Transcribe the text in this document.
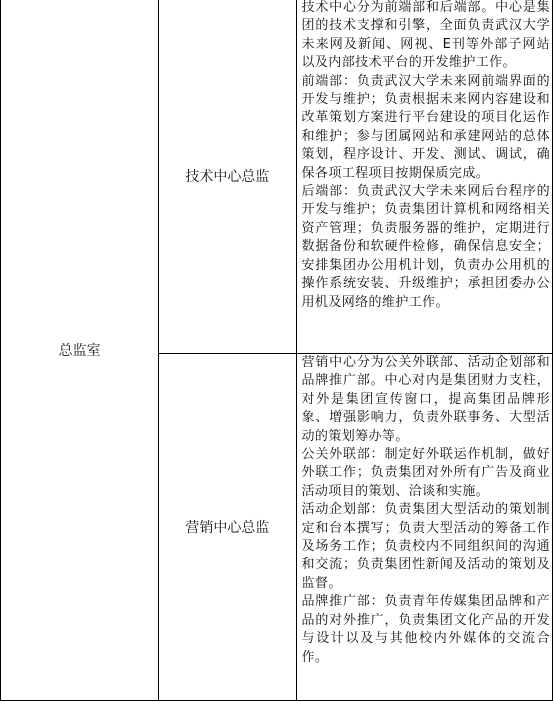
总监室	技术中心总监	技术中心分为前端部和后端部。中心是集团的技术支撑和引擎，全面负责武汉大学未来网及新闻、网视、E刊等外部子网站以及内部技术平台的开发维护工作。

前端部：负责武汉大学未来网前端界面的开发与维护；负责根据未来网内容建设和改革策划方案进行平台建设的项目化运作和维护；参与团属网站和承建网站的总体策划，程序设计、开发、测试、调试，确保各项工程项目按期保质完成。

后端部：负责武汉大学未来网后台程序的开发与维护；负责集团计算机和网络相关资产管理；负责服务器的维护，定期进行数据备份和软硬件检修，确保信息安全；安排集团办公用机计划，负责办公用机的操作系统安装、升级维护；承担团委办公用机及网络的维护工作。

	营销中心总监	营销中心分为公关外联部、活动企划部和品牌推广部。中心对内是集团财力支柱，对外是集团宣传窗口，提高集团品牌形象、增强影响力，负责外联事务、大型活动的策划筹办等。

公关外联部：制定好外联运作机制，做好外联工作；负责集团对外所有广告及商业活动项目的策划、洽谈和实施。

活动企划部：负责集团大型活动的策划制定和台本撰写；负责大型活动的筹备工作及场务工作；负责校内不同组织间的沟通和交流；负责集团性新闻及活动的策划及监督。

品牌推广部：负责青年传媒集团品牌和产品的对外推广，负责集团文化产品的开发与设计以及与其他校内外媒体的交流合作。
